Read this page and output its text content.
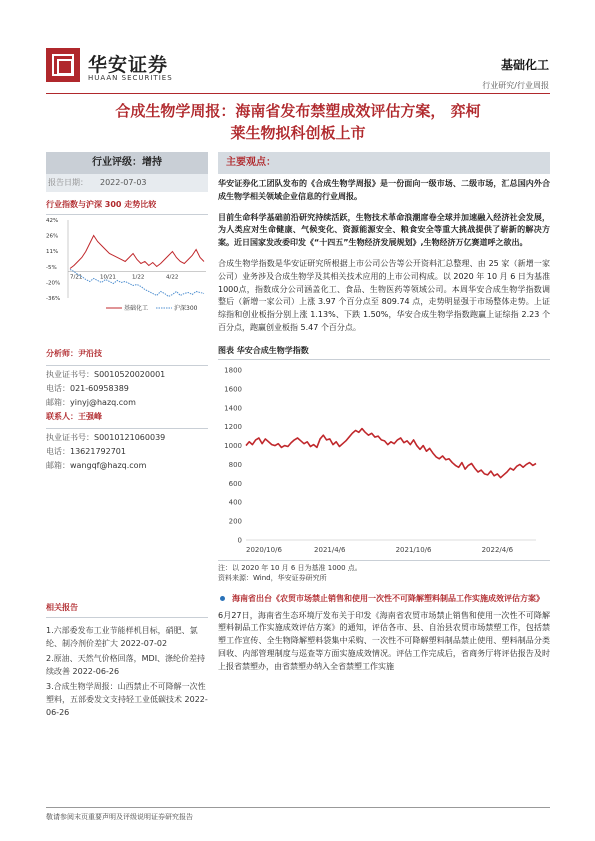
华安证券
HUAAN SECURITIES
基础化工
行业研究/行业周报
合成生物学周报：海南省发布禁塑成效评估方案， 弈柯
莱生物拟科创板上市
行业评级：增持
报告日期： 2022-07-03
行业指数与沪深 300 走势比较
42%
26%
11%
-5%
-20%
-36%
7/21	10/21	1/22	4/22
基础化工	沪深300
分析师：尹沿技
执业证书号：S0010520020001
电话：021-60958389
邮箱：yinyj@hazq.com
联系人：王强峰
执业证书号：S0010121060039
电话：13621792701
邮箱：wangqf@hazq.com
相关报告
1.六部委发布工业节能样机目标，硝肥、氯纶、制冷剂价差扩大 2022-07-02
2.原油、天然气价格回落，MDI、涤纶价差持续改善 2022-06-26
3.合成生物学周报：山西禁止不可降解一次性塑料，五部委发文支持轻工业低碳技术 2022-06-26
主要观点：
华安证券化工团队发布的《合成生物学周报》是一份面向一级市场、二级市场，汇总国内外合成生物学相关领域企业信息的行业周报。
目前生命科学基础前沿研究持续活跃，生物技术革命浪潮席卷全球并加速融入经济社会发展，为人类应对生命健康、气候变化、资源能源安全、粮食安全等重大挑战提供了崭新的解决方案。近日国家发改委印发《“十四五”生物经济发展规划》,生物经济万亿赛道呼之欲出。
合成生物学指数是华安证研究所根据上市公司公告等公开资料汇总整理、由 25 家（新增一家公司）业务涉及合成生物学及其相关技术应用的上市公司构成。以 2020 年 10 月 6 日为基准 1000点，指数成分公司涵盖化工、食品、生物医药等领域公司。本周华安合成生物学指数调整后（新增一家公司）上涨 3.97 个百分点至 809.74 点，走势明显强于市场整体走势。上证综指和创业板指分别上涨 1.13%、下跌 1.50%，华安合成生物学指数跑赢上证综指 2.23 个百分点，跑赢创业板指 5.47 个百分点。
图表 华安合成生物学指数
0
200
400
600
800
1000
1200
1400
1600
1800
2020/10/6	2021/4/6	2021/10/6	2022/4/6
注：以 2020 年 10 月 6 日为基准 1000 点。
资料来源：Wind，华安证券研究所
海南省出台《农贸市场禁止销售和使用一次性不可降解塑料制品工作实施成效评估方案》
6月27日，海南省生态环境厅发布关于印发《海南省农贸市场禁止销售和使用一次性不可降解塑料制品工作实施成效评估方案》的通知，评估各市、县、自治县农贸市场禁塑工作，包括禁塑工作宣传、全生物降解塑料袋集中采购、一次性不可降解塑料制品禁止使用、塑料制品分类回收、内部管理制度与巡查等方面实施成效情况。评估工作完成后，省商务厅将评估报告及时上报省禁塑办，由省禁塑办纳入全省禁塑工作实施
敬请参阅末页重要声明及评级说明证券研究报告
